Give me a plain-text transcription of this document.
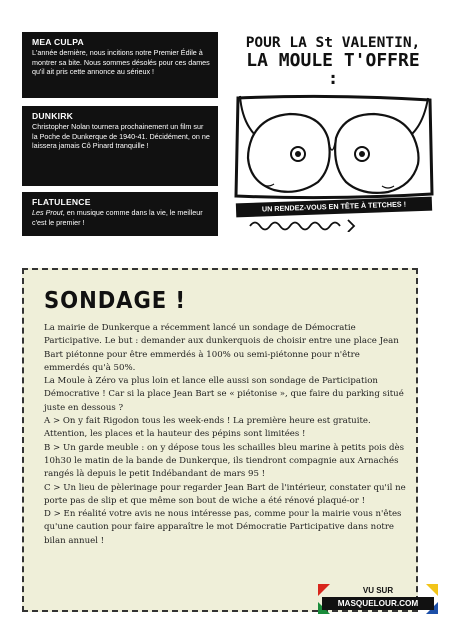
MEA CULPA
L'année dernière, nous incitions notre Premier Édile à montrer sa bite. Nous sommes désolés pour ces dames qu'il ait pris cette annonce au sérieux !
DUNKIRK
Christopher Nolan tournera prochainement un film sur la Poche de Dunkerque de 1940-41. Décidément, on ne laissera jamais Cô Pinard tranquille !
FLATULENCE
Les Prout, en musique comme dans la vie, le meilleur c'est le premier !
POUR LA St VALENTIN,
LA MOULE T'OFFRE :
UN RENDEZ-VOUS EN TÊTE À TETCHES !
SONDAGE !

La mairie de Dunkerque a récemment lancé un sondage de Démocratie Participative. Le but : demander aux dunkerquois de choisir entre une place Jean Bart piétonne pour être emmerdés à 100% ou semi-piétonne pour n'être emmerdés qu'à 50%.

La Moule à Zéro va plus loin et lance elle aussi son sondage de Participation Démocrative ! Car si la place Jean Bart se « piétonise », que faire du parking situé juste en dessous ?

A > On y fait Rigodon tous les week-ends ! La première heure est gratuite. Attention, les places et la hauteur des pépins sont limitées !

B > Un garde meuble : on y dépose tous les schailles bleu marine à petits pois dès 10h30 le matin de la bande de Dunkerque, ils tiendront compagnie aux Arnachés rangés là depuis le petit Indébandant de mars 95 !

C > Un lieu de pèlerinage pour regarder Jean Bart de l'intérieur, constater qu'il ne porte pas de slip et que même son bout de wiche a été rénové plaqué-or !

D > En réalité votre avis ne nous intéresse pas, comme pour la mairie vous n'êtes qu'une caution pour faire apparaître le mot Démocratie Participative dans notre bilan annuel !

VU SUR
MASQUELOUR.COM
